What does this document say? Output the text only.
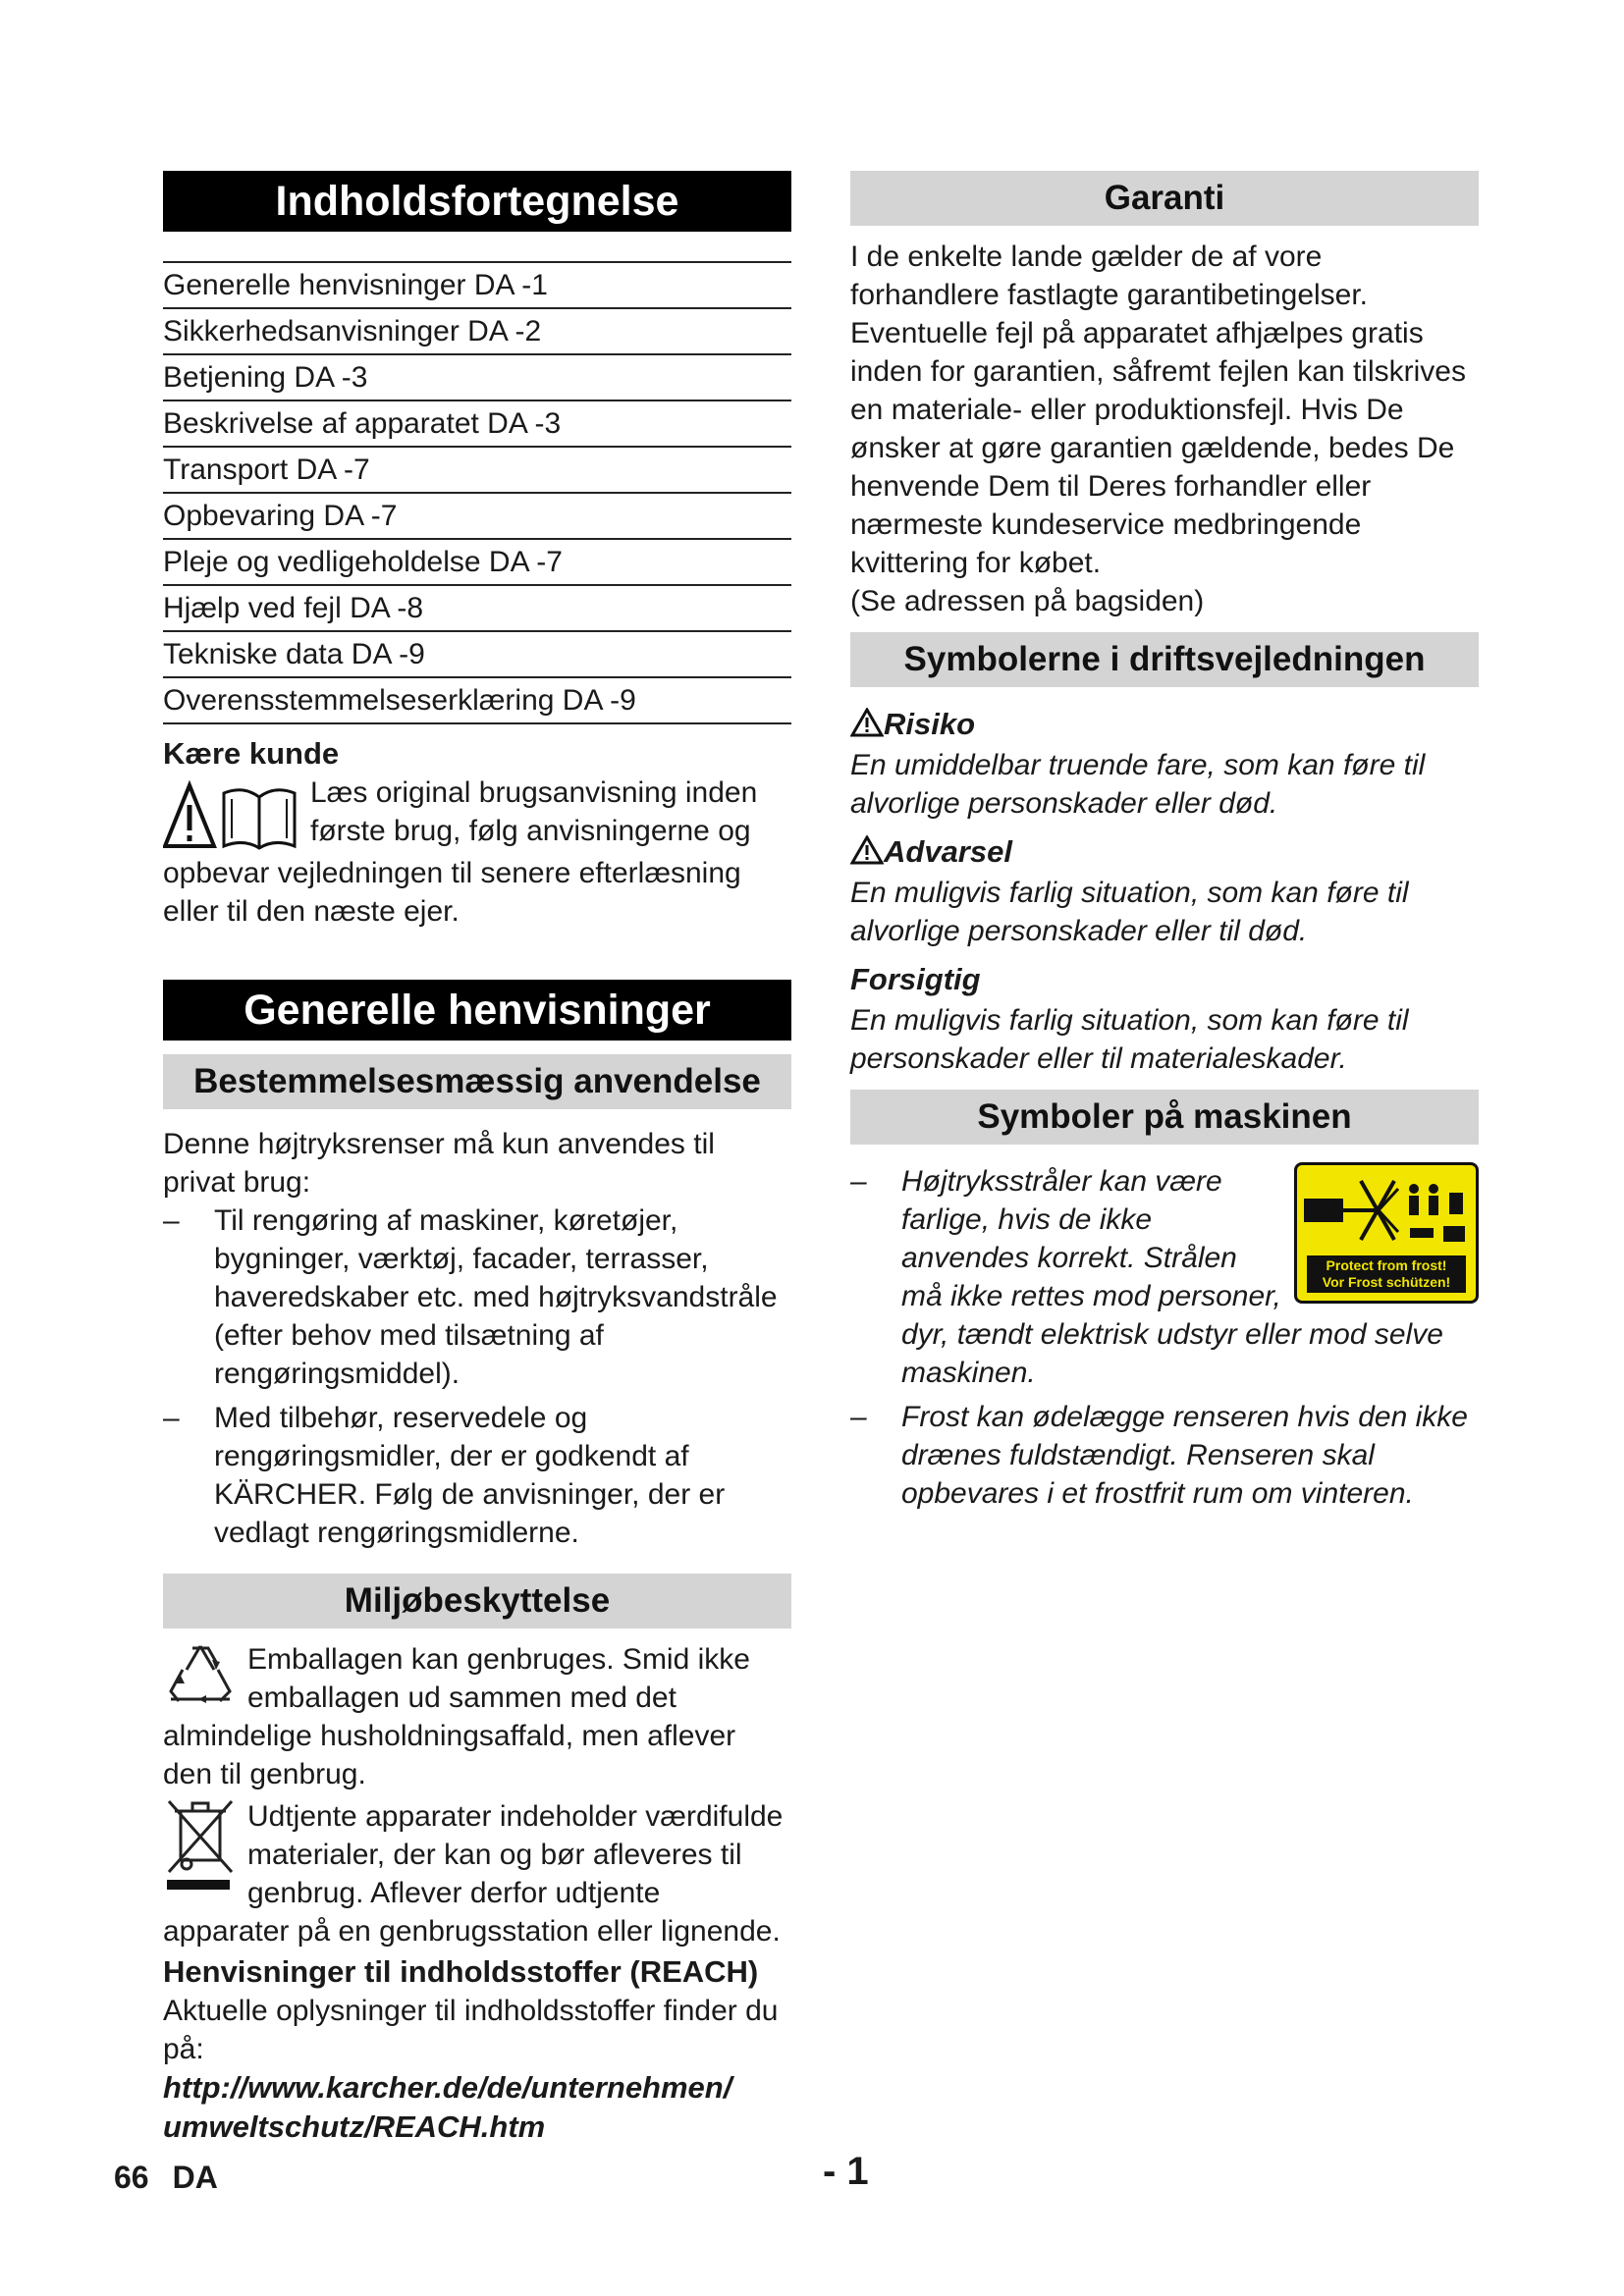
Indholdsfortegnelse
Generelle henvisninger DA -1
Sikkerhedsanvisninger DA -2
Betjening DA -3
Beskrivelse af apparatet DA -3
Transport DA -7
Opbevaring DA -7
Pleje og vedligeholdelse DA -7
Hjælp ved fejl DA -8
Tekniske data DA -9
Overensstemmelseserklæring DA -9
Kære kunde

Læs original brugsanvisning inden

første brug, følg anvisningerne og

opbevar vejledningen til senere efterlæsning

eller til den næste ejer.

Generelle henvisninger
Bestemmelsesmæssig anvendelse

Denne højtryksrenser må kun anvendes til privat brug:

– Til rengøring af maskiner, køretøjer, bygninger, værktøj, facader, terrasser, haveredskaber etc. med højtryksvandstråle (efter behov med tilsætning af rengøringsmiddel).
– Med tilbehør, reservedele og rengøringsmidler, der er godkendt af KÄRCHER. Følg de anvisninger, der er vedlagt rengøringsmidlerne.
Miljøbeskyttelse

Emballagen kan genbruges. Smid ikke emballagen ud sammen med det almindelige husholdningsaffald, men aflever den til genbrug.

Udtjente apparater indeholder værdifulde materialer, der kan og bør afleveres til genbrug. Aflever derfor udtjente apparater på en genbrugsstation eller lignende.

Henvisninger til indholdsstoffer (REACH)

Aktuelle oplysninger til indholdsstoffer finder du på:

http://www.karcher.de/de/unternehmen/
umweltschutz/REACH.htm
Garanti

I de enkelte lande gælder de af vore forhandlere fastlagte garantibetingelser. Eventuelle fejl på apparatet afhjælpes gratis inden for garantien, såfremt fejlen kan tilskrives en materiale- eller produktionsfejl. Hvis De ønsker at gøre garantien gældende, bedes De henvende Dem til Deres forhandler eller nærmeste kundeservice medbringende kvittering for købet.

(Se adressen på bagsiden)

Symbolerne i driftsvejledningen
Risiko

En umiddelbar truende fare, som kan føre til alvorlige personskader eller død.

Advarsel

En muligvis farlig situation, som kan føre til alvorlige personskader eller til død.

Forsigtig

En muligvis farlig situation, som kan føre til personskader eller til materialeskader.

Symboler på maskinen
Protect from frost!
Vor Frost schützen!
– Højtryksstråler kan være farlige, hvis de ikke anvendes korrekt. Strålen må ikke rettes mod personer, dyr, tændt elektrisk udstyr eller mod selve maskinen.
– Frost kan ødelægge renseren hvis den ikke drænes fuldstændigt. Renseren skal opbevares i et frostfrit rum om vinteren.
66 DA	- 1
